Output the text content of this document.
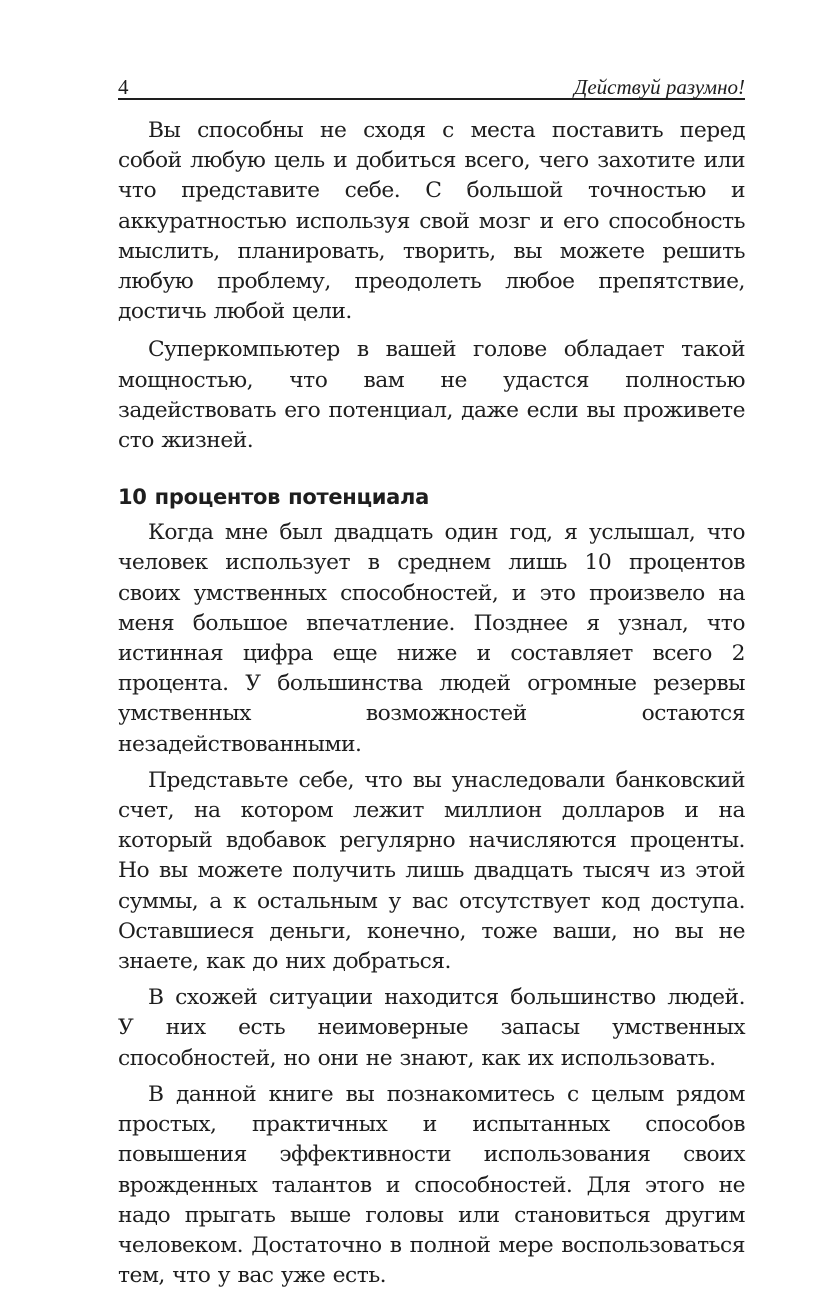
4	Действуй разумно!

Вы способны не сходя с места поставить перед собой любую цель и добиться всего, чего захотите или что представите себе. С большой точностью и аккуратностью используя свой мозг и его способность мыслить, планировать, творить, вы можете решить любую проблему, преодолеть любое препятствие, достичь любой цели.

Суперкомпьютер в вашей голове обладает такой мощностью, что вам не удастся полностью задействовать его потенциал, даже если вы проживете сто жизней.

10 процентов потенциала

Когда мне был двадцать один год, я услышал, что человек использует в среднем лишь 10 процентов своих умственных способностей, и это произвело на меня большое впечатление. Позднее я узнал, что истинная цифра еще ниже и составляет всего 2 процента. У большинства людей огромные резервы умственных возможностей остаются незадействованными.

Представьте себе, что вы унаследовали банковский счет, на котором лежит миллион долларов и на который вдобавок регулярно начисляются проценты. Но вы можете получить лишь двадцать тысяч из этой суммы, а к остальным у вас отсутствует код доступа. Оставшиеся деньги, конечно, тоже ваши, но вы не знаете, как до них добраться.

В схожей ситуации находится большинство людей. У них есть неимоверные запасы умственных способностей, но они не знают, как их использовать.

В данной книге вы познакомитесь с целым рядом простых, практичных и испытанных способов повышения эффективности использования своих врожденных талантов и способностей. Для этого не надо прыгать выше головы или становиться другим человеком. Достаточно в полной мере воспользоваться тем, что у вас уже есть.
